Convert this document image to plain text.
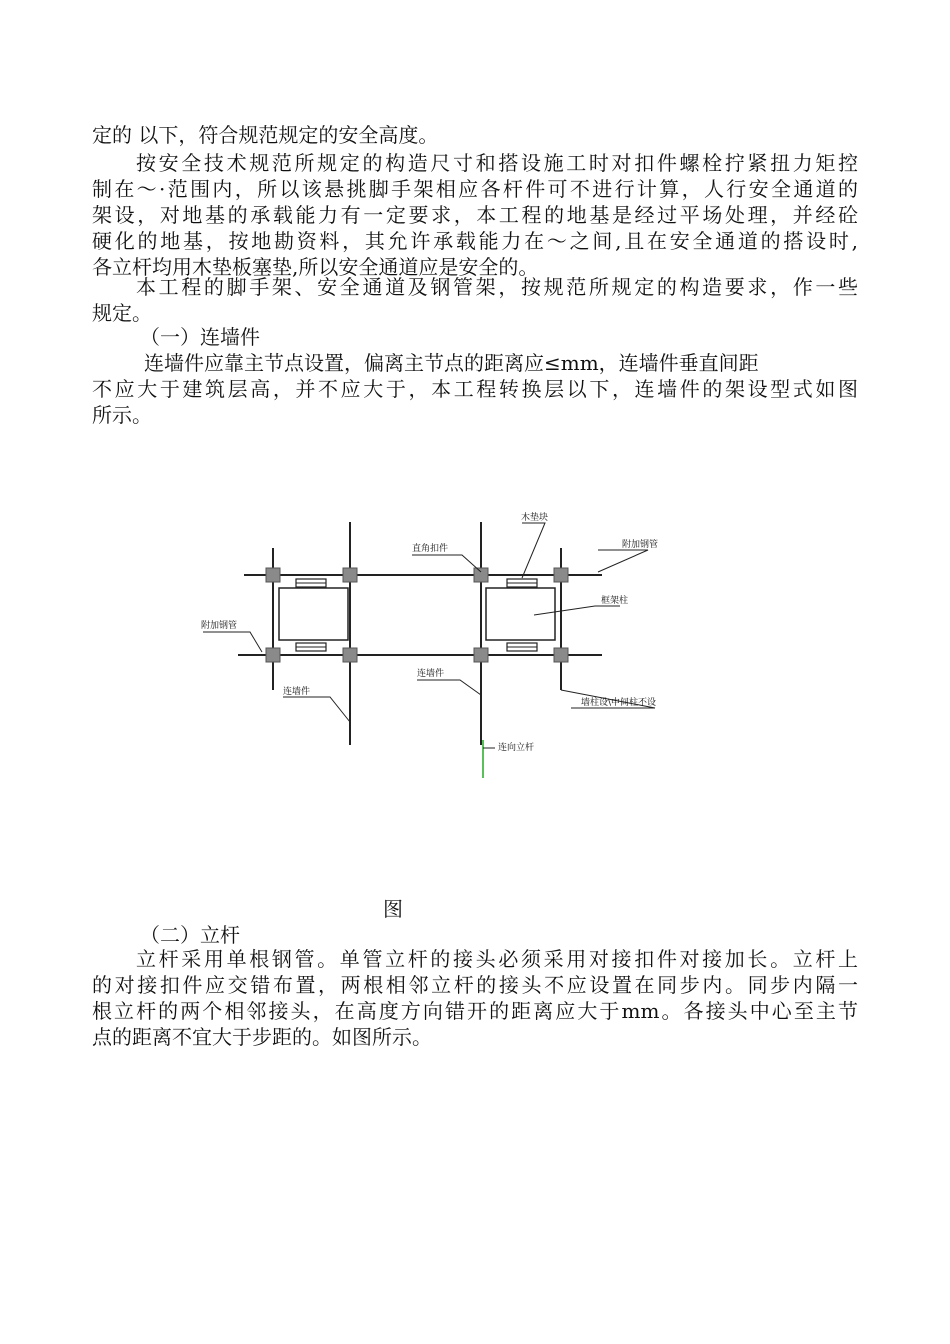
定的 以下，符合规范规定的安全高度。
按安全技术规范所规定的构造尺寸和搭设施工时对扣件螺栓拧紧扭力矩控
制在～·范围内，所以该悬挑脚手架相应各杆件可不进行计算，人行安全通道的
架设，对地基的承载能力有一定要求，本工程的地基是经过平场处理，并经砼
硬化的地基，按地勘资料，其允许承载能力在～之间,且在安全通道的搭设时,
各立杆均用木垫板塞垫,所以安全通道应是安全的。
本工程的脚手架、安全通道及钢管架，按规范所规定的构造要求，作一些
规定。
（一）连墙件
连墙件应靠主节点设置，偏离主节点的距离应≤mm，连墙件垂直间距
不应大于建筑层高，并不应大于，本工程转换层以下，连墙件的架设型式如图
所示。
木垫块
直角扣件	附加钢管
框架柱
附加钢管
连墙件
连墙件
墙柱设\中间柱不设
连向立杆
图
（二）立杆
立杆采用单根钢管。单管立杆的接头必须采用对接扣件对接加长。立杆上
的对接扣件应交错布置，两根相邻立杆的接头不应设置在同步内。同步内隔一
根立杆的两个相邻接头，在高度方向错开的距离应大于mm。各接头中心至主节
点的距离不宜大于步距的。如图所示。
